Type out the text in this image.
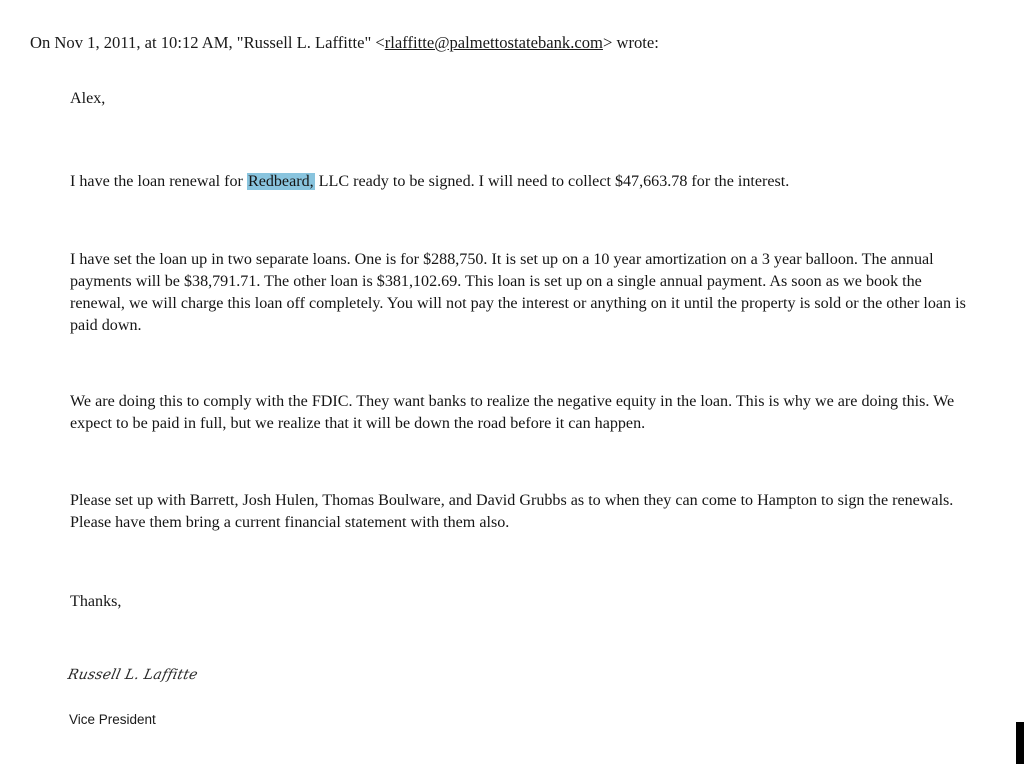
On Nov 1, 2011, at 10:12 AM, "Russell L. Laffitte" <rlaffitte@palmettostatebank.com> wrote:
Alex,
I have the loan renewal for Redbeard, LLC ready to be signed. I will need to collect $47,663.78 for the interest.
I have set the loan up in two separate loans. One is for $288,750. It is set up on a 10 year amortization on a 3 year balloon. The annual payments will be $38,791.71. The other loan is $381,102.69. This loan is set up on a single annual payment. As soon as we book the renewal, we will charge this loan off completely. You will not pay the interest or anything on it until the property is sold or the other loan is paid down.
We are doing this to comply with the FDIC. They want banks to realize the negative equity in the loan. This is why we are doing this. We expect to be paid in full, but we realize that it will be down the road before it can happen.
Please set up with Barrett, Josh Hulen, Thomas Boulware, and David Grubbs as to when they can come to Hampton to sign the renewals. Please have them bring a current financial statement with them also.
Thanks,
Russell L. Laffitte
Vice President
